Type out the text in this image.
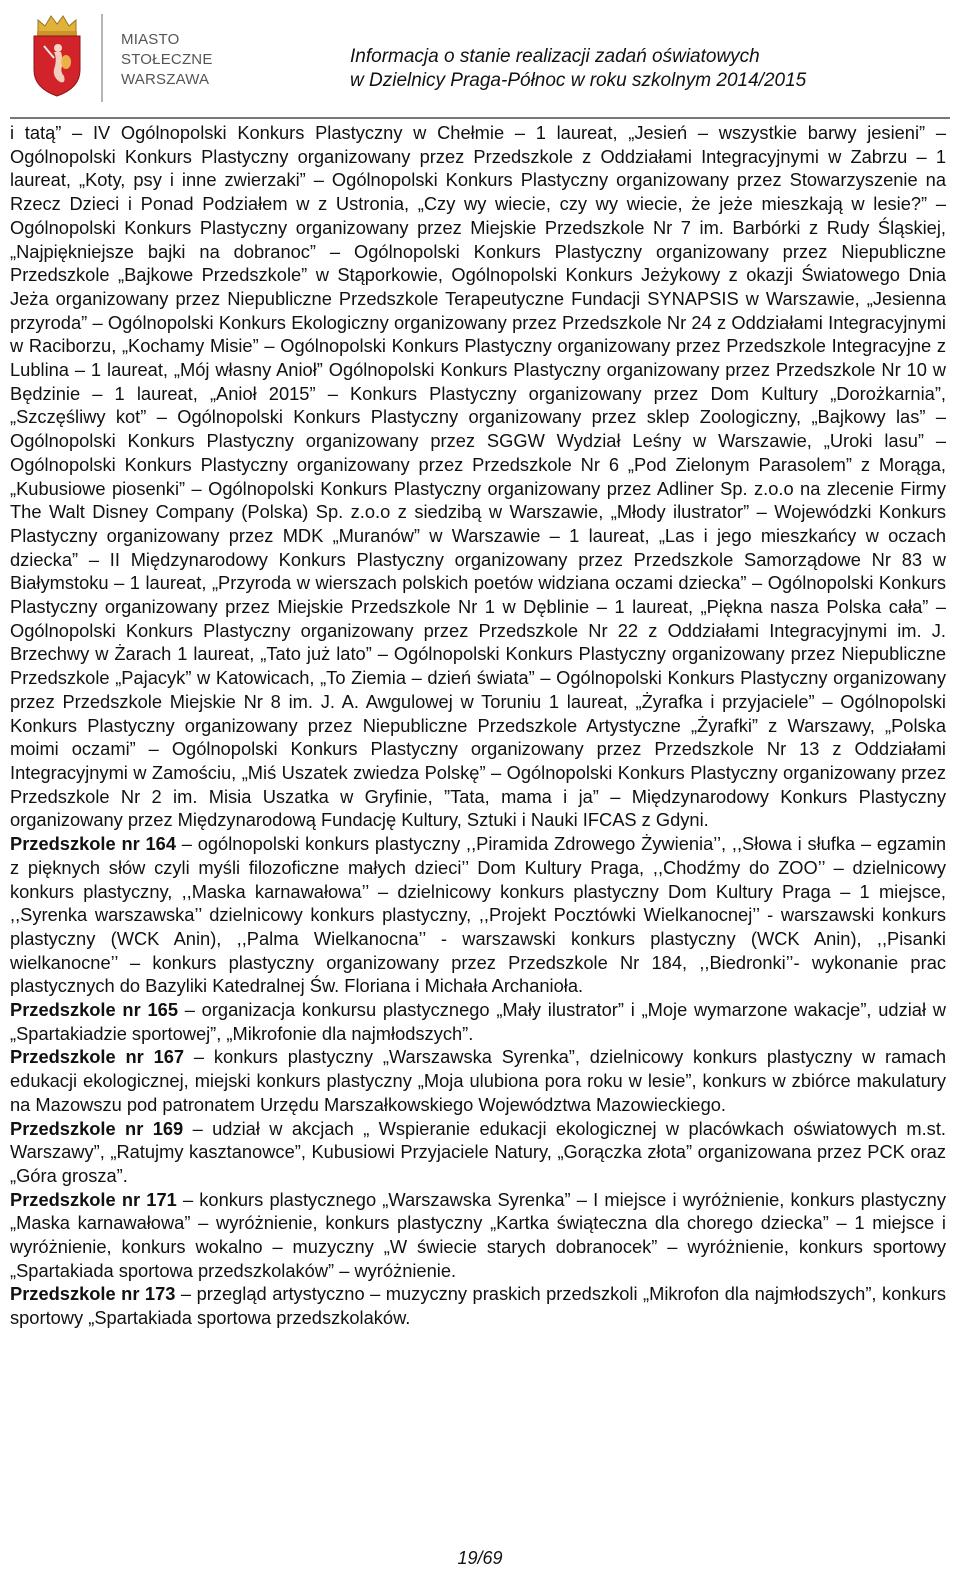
MIASTO
STOŁECZNE
WARSZAWA
Informacja o stanie realizacji zadań oświatowych
w Dzielnicy Praga-Północ w roku szkolnym 2014/2015

i tatą” – IV Ogólnopolski Konkurs Plastyczny w Chełmie – 1 laureat, „Jesień – wszystkie barwy jesieni” – Ogólnopolski Konkurs Plastyczny organizowany przez Przedszkole z Oddziałami Integracyjnymi w Zabrzu – 1 laureat, „Koty, psy i inne zwierzaki” – Ogólnopolski Konkurs Plastyczny organizowany przez Stowarzyszenie na Rzecz Dzieci i Ponad Podziałem w z Ustronia, „Czy wy wiecie, czy wy wiecie, że jeże mieszkają w lesie?” – Ogólnopolski Konkurs Plastyczny organizowany przez Miejskie Przedszkole Nr 7 im. Barbórki z Rudy Śląskiej, „Najpiękniejsze bajki na dobranoc” – Ogólnopolski Konkurs Plastyczny organizowany przez Niepubliczne Przedszkole „Bajkowe Przedszkole” w Stąporkowie, Ogólnopolski Konkurs Jeżykowy z okazji Światowego Dnia Jeża organizowany przez Niepubliczne Przedszkole Terapeutyczne Fundacji SYNAPSIS w Warszawie, „Jesienna przyroda” – Ogólnopolski Konkurs Ekologiczny organizowany przez Przedszkole Nr 24 z Oddziałami Integracyjnymi w Raciborzu, „Kochamy Misie” – Ogólnopolski Konkurs Plastyczny organizowany przez Przedszkole Integracyjne z Lublina – 1 laureat, „Mój własny Anioł” Ogólnopolski Konkurs Plastyczny organizowany przez Przedszkole Nr 10 w Będzinie – 1 laureat, „Anioł 2015” – Konkurs Plastyczny organizowany przez Dom Kultury „Dorożkarnia”, „Szczęśliwy kot” – Ogólnopolski Konkurs Plastyczny organizowany przez sklep Zoologiczny, „Bajkowy las” – Ogólnopolski Konkurs Plastyczny organizowany przez SGGW Wydział Leśny w Warszawie, „Uroki lasu” – Ogólnopolski Konkurs Plastyczny organizowany przez Przedszkole Nr 6 „Pod Zielonym Parasolem” z Morąga, „Kubusiowe piosenki” – Ogólnopolski Konkurs Plastyczny organizowany przez Adliner Sp. z.o.o na zlecenie Firmy The Walt Disney Company (Polska) Sp. z.o.o z siedzibą w Warszawie, „Młody ilustrator” – Wojewódzki Konkurs Plastyczny organizowany przez MDK „Muranów” w Warszawie – 1 laureat, „Las i jego mieszkańcy w oczach dziecka” – II Międzynarodowy Konkurs Plastyczny organizowany przez Przedszkole Samorządowe Nr 83 w Białymstoku – 1 laureat, „Przyroda w wierszach polskich poetów widziana oczami dziecka” – Ogólnopolski Konkurs Plastyczny organizowany przez Miejskie Przedszkole Nr 1 w Dęblinie – 1 laureat, „Piękna nasza Polska cała” – Ogólnopolski Konkurs Plastyczny organizowany przez Przedszkole Nr 22 z Oddziałami Integracyjnymi im. J. Brzechwy w Żarach 1 laureat, „Tato już lato” – Ogólnopolski Konkurs Plastyczny organizowany przez Niepubliczne Przedszkole „Pajacyk” w Katowicach, „To Ziemia – dzień świata” – Ogólnopolski Konkurs Plastyczny organizowany przez Przedszkole Miejskie Nr 8 im. J. A. Awgulowej w Toruniu 1 laureat, „Żyrafka i przyjaciele” – Ogólnopolski Konkurs Plastyczny organizowany przez Niepubliczne Przedszkole Artystyczne „Żyrafki” z Warszawy, „Polska moimi oczami” – Ogólnopolski Konkurs Plastyczny organizowany przez Przedszkole Nr 13 z Oddziałami Integracyjnymi w Zamościu, „Miś Uszatek zwiedza Polskę” – Ogólnopolski Konkurs Plastyczny organizowany przez Przedszkole Nr 2 im. Misia Uszatka w Gryfinie, ”Tata, mama i ja” – Międzynarodowy Konkurs Plastyczny organizowany przez Międzynarodową Fundację Kultury, Sztuki i Nauki IFCAS z Gdyni.

Przedszkole nr 164 – ogólnopolski konkurs plastyczny ,,Piramida Zdrowego Żywienia’’, ,,Słowa i słufka – egzamin z pięknych słów czyli myśli filozoficzne małych dzieci’’ Dom Kultury Praga, ,,Chodźmy do ZOO’’ – dzielnicowy konkurs plastyczny, ,,Maska karnawałowa’’ – dzielnicowy konkurs plastyczny Dom Kultury Praga – 1 miejsce, ,,Syrenka warszawska’’ dzielnicowy konkurs plastyczny, ,,Projekt Pocztówki Wielkanocnej’’ - warszawski konkurs plastyczny (WCK Anin), ,,Palma Wielkanocna’’ - warszawski konkurs plastyczny (WCK Anin), ,,Pisanki wielkanocne’’ – konkurs plastyczny organizowany przez Przedszkole Nr 184, ,,Biedronki’’- wykonanie prac plastycznych do Bazyliki Katedralnej Św. Floriana i Michała Archanioła.

Przedszkole nr 165 – organizacja konkursu plastycznego „Mały ilustrator” i „Moje wymarzone wakacje”, udział w „Spartakiadzie sportowej”, „Mikrofonie dla najmłodszych”.

Przedszkole nr 167 – konkurs plastyczny „Warszawska Syrenka”, dzielnicowy konkurs plastyczny w ramach edukacji ekologicznej, miejski konkurs plastyczny „Moja ulubiona pora roku w lesie”, konkurs w zbiórce makulatury na Mazowszu pod patronatem Urzędu Marszałkowskiego Województwa Mazowieckiego.

Przedszkole nr 169 – udział w akcjach „ Wspieranie edukacji ekologicznej w placówkach oświatowych m.st. Warszawy”, „Ratujmy kasztanowce”, Kubusiowi Przyjaciele Natury, „Gorączka złota” organizowana przez PCK oraz „Góra grosza”.

Przedszkole nr 171 – konkurs plastycznego „Warszawska Syrenka” – I miejsce i wyróżnienie, konkurs plastyczny „Maska karnawałowa” – wyróżnienie, konkurs plastyczny „Kartka świąteczna dla chorego dziecka” – 1 miejsce i wyróżnienie, konkurs wokalno – muzyczny „W świecie starych dobranocek” – wyróżnienie, konkurs sportowy „Spartakiada sportowa przedszkolaków” – wyróżnienie.

Przedszkole nr 173 – przegląd artystyczno – muzyczny praskich przedszkoli „Mikrofon dla najmłodszych”, konkurs sportowy „Spartakiada sportowa przedszkolaków.

19/69
